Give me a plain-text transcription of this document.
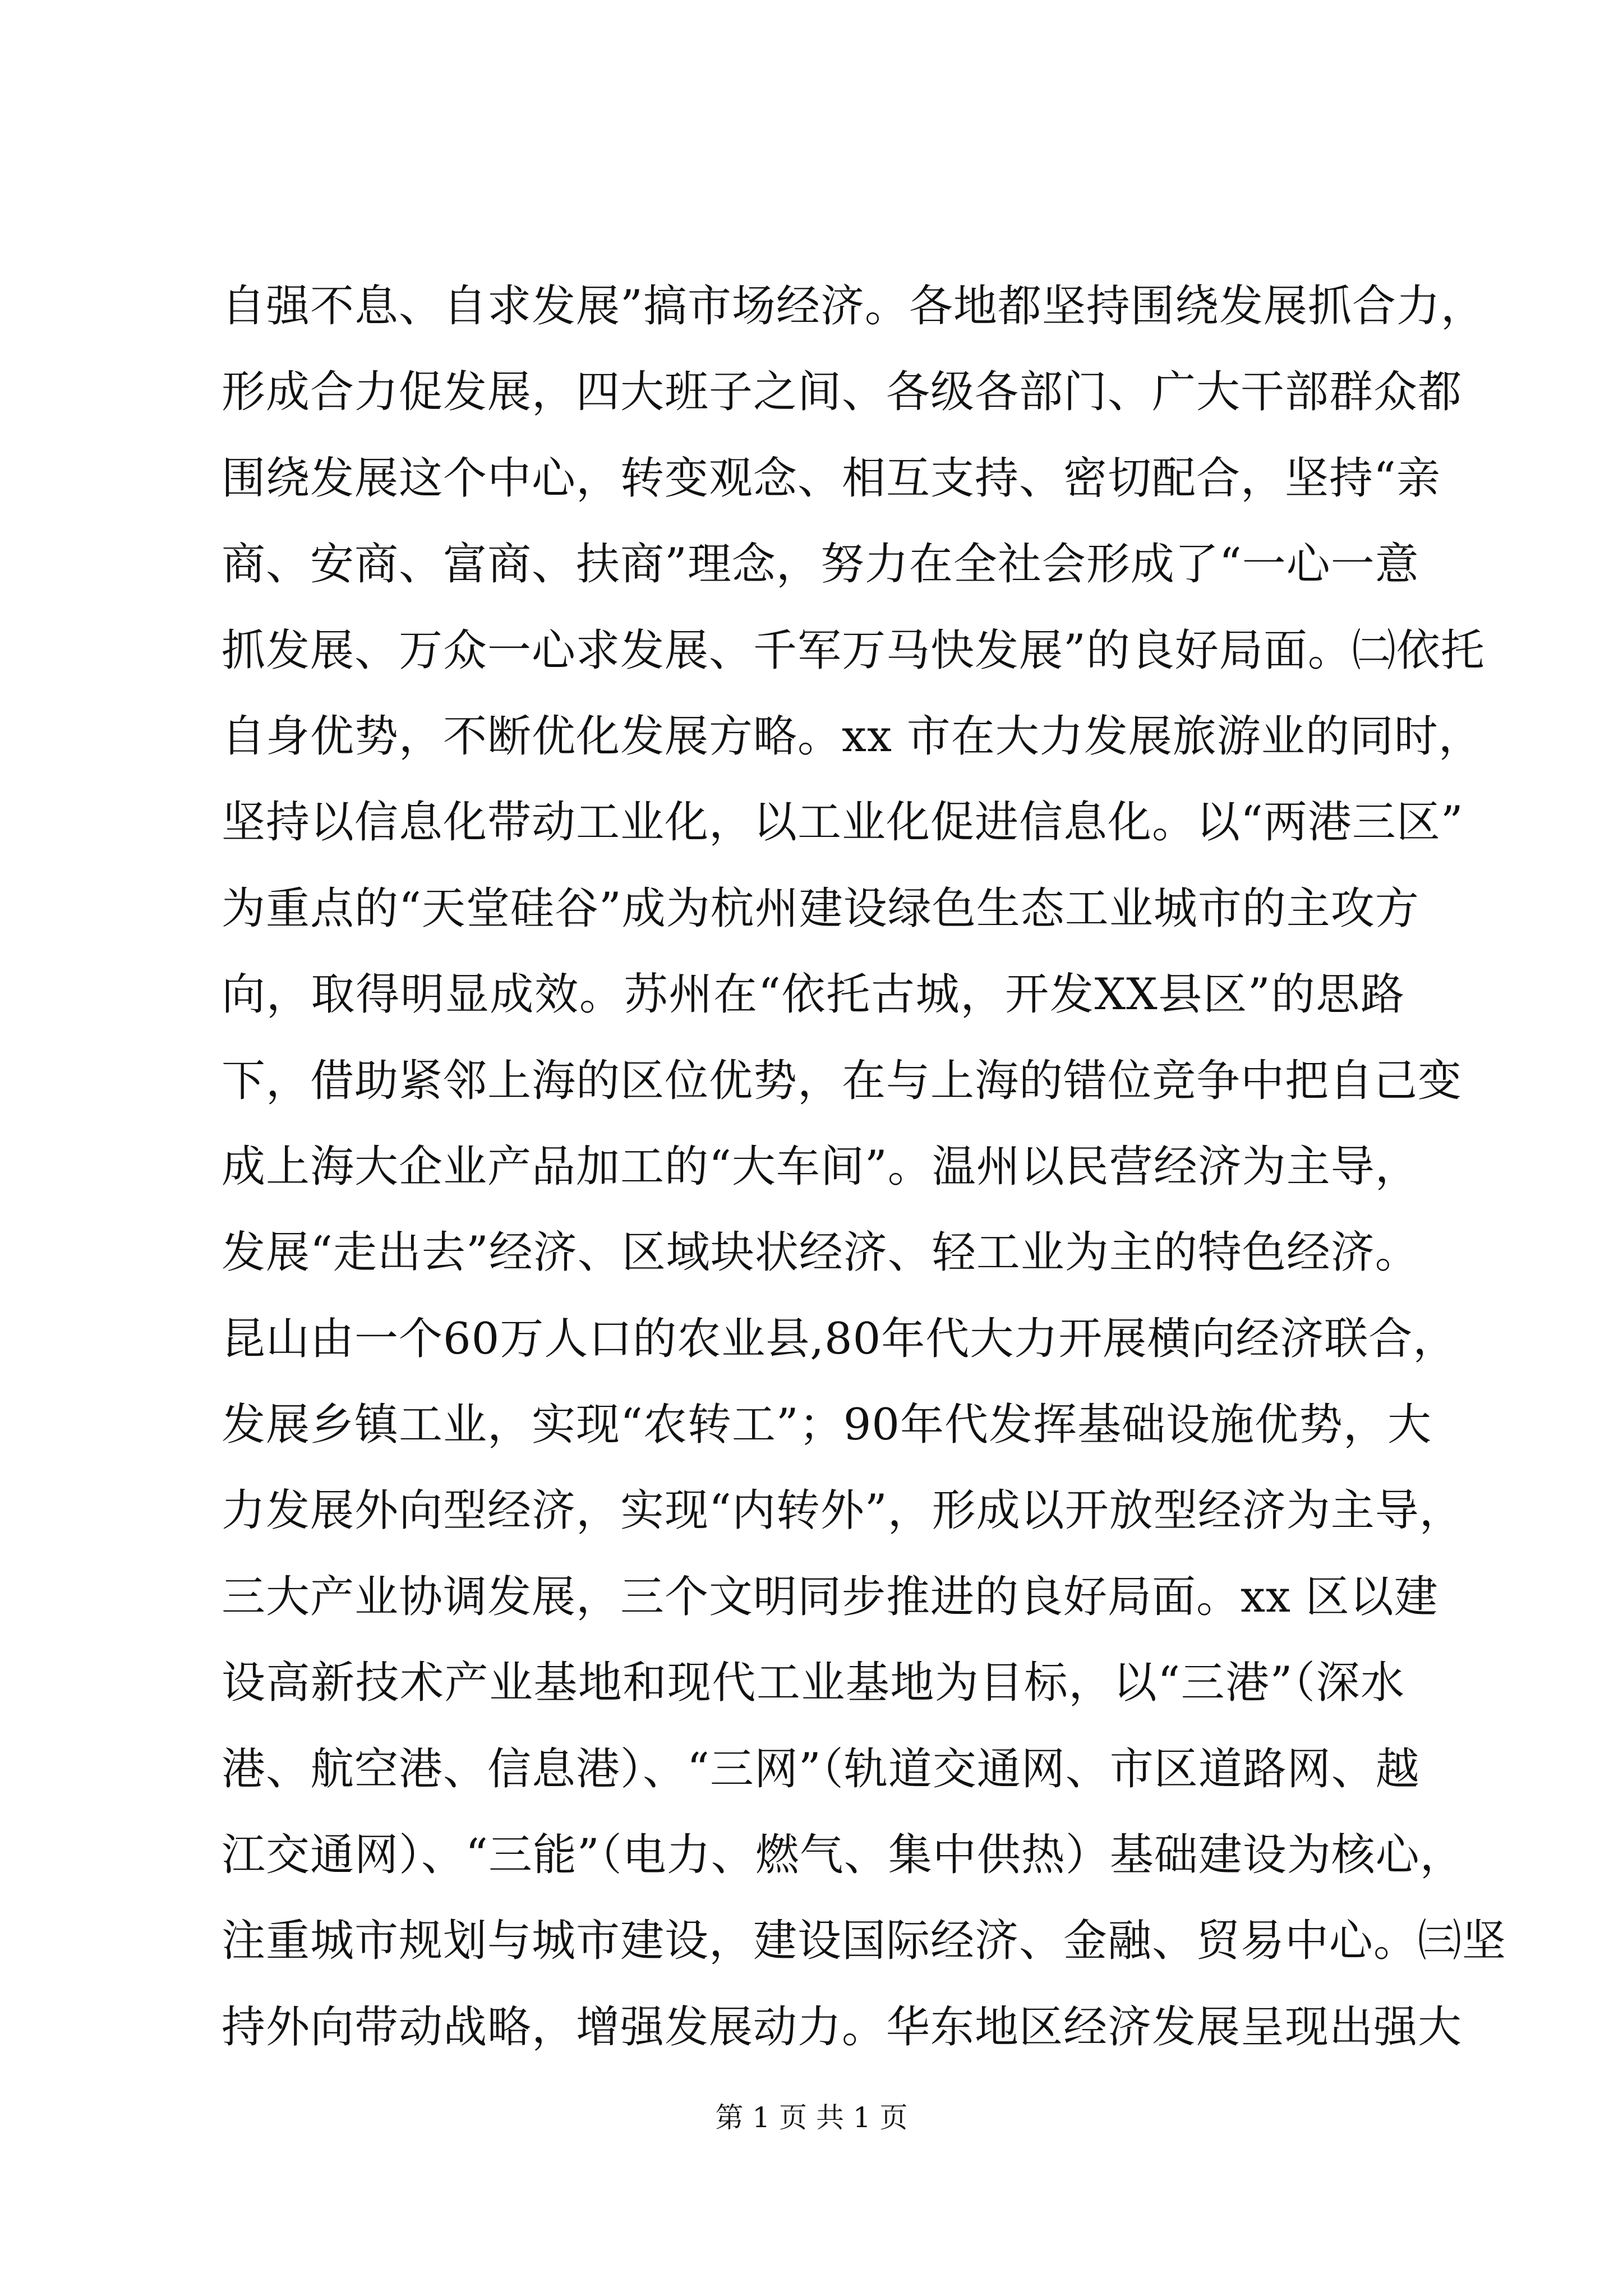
自强不息、自求发展”搞市场经济。各地都坚持围绕发展抓合力，
形成合力促发展，四大班子之间、各级各部门、广大干部群众都
围绕发展这个中心，转变观念、相互支持、密切配合，坚持“亲
商、安商、富商、扶商”理念，努力在全社会形成了“一心一意
抓发展、万众一心求发展、千军万马快发展”的良好局面。㈡依托
自身优势，不断优化发展方略。xx 市在大力发展旅游业的同时，
坚持以信息化带动工业化，以工业化促进信息化。以“两港三区”
为重点的“天堂硅谷”成为杭州建设绿色生态工业城市的主攻方
向，取得明显成效。苏州在“依托古城，开发XX县区”的思路
下，借助紧邻上海的区位优势，在与上海的错位竞争中把自己变
成上海大企业产品加工的“大车间”。温州以民营经济为主导，
发展“走出去”经济、区域块状经济、轻工业为主的特色经济。
昆山由一个60万人口的农业县,80年代大力开展横向经济联合，
发展乡镇工业，实现“农转工”；90年代发挥基础设施优势，大
力发展外向型经济，实现“内转外”，形成以开放型经济为主导，
三大产业协调发展，三个文明同步推进的良好局面。xx 区以建
设高新技术产业基地和现代工业基地为目标，以“三港”（深水
港、航空港、信息港）、“三网”（轨道交通网、市区道路网、越
江交通网）、“三能”（电力、燃气、集中供热）基础建设为核心，
注重城市规划与城市建设，建设国际经济、金融、贸易中心。㈢坚
持外向带动战略，增强发展动力。华东地区经济发展呈现出强大
第 1 页 共 1 页
